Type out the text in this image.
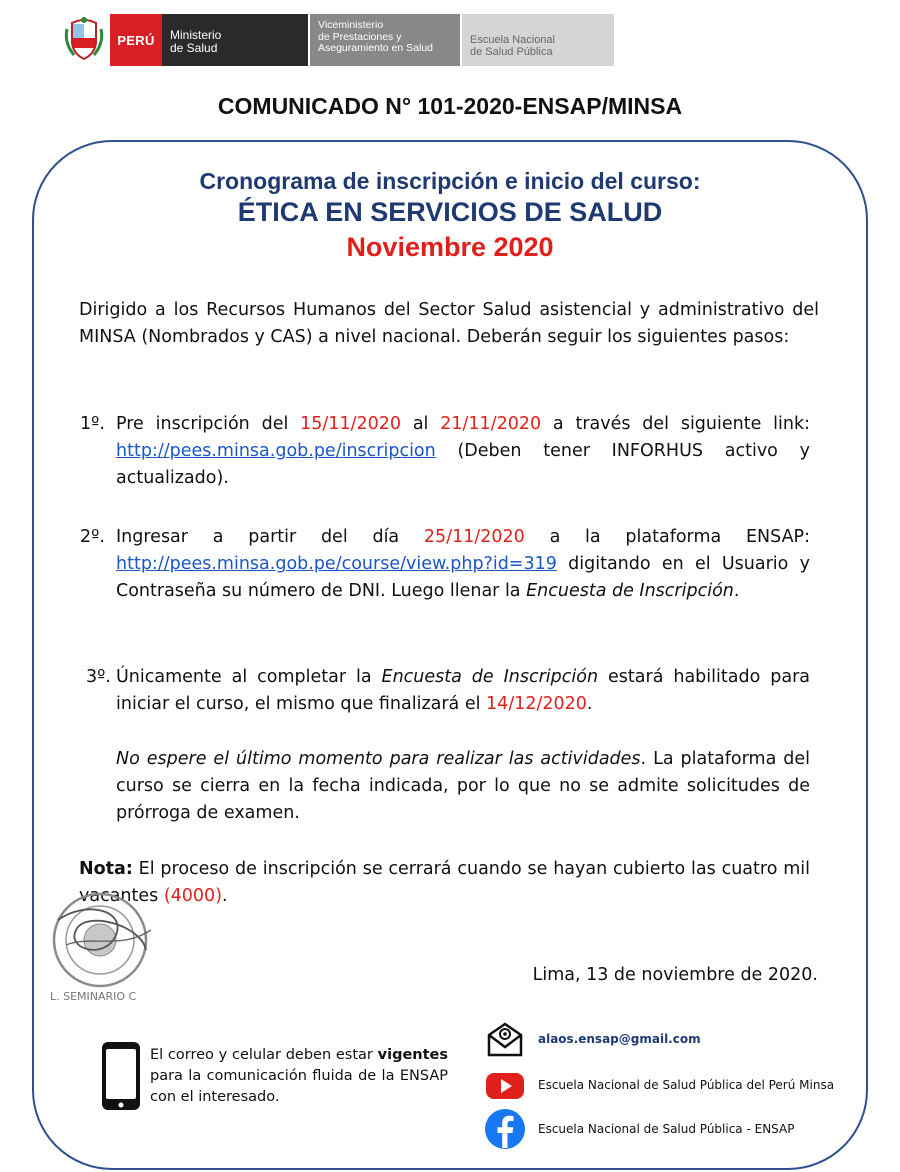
PERÚ	Ministerio
de Salud
Viceministerio
de Prestaciones y
Aseguramiento en Salud
Escuela Nacional
de Salud Pública
COMUNICADO N° 101-2020-ENSAP/MINSA
Cronograma de inscripción e inicio del curso:
ÉTICA EN SERVICIOS DE SALUD
Noviembre 2020

Dirigido a los Recursos Humanos del Sector Salud asistencial y administrativo del MINSA (Nombrados y CAS) a nivel nacional. Deberán seguir los siguientes pasos:

1º. Pre inscripción del 15/11/2020 al 21/11/2020 a través del siguiente link: http://pees.minsa.gob.pe/inscripcion (Deben tener INFORHUS activo y actualizado).

2º. Ingresar a partir del día 25/11/2020 a la plataforma ENSAP: http://pees.minsa.gob.pe/course/view.php?id=319 digitando en el Usuario y Contraseña su número de DNI. Luego llenar la Encuesta de Inscripción.

3º. Únicamente al completar la Encuesta de Inscripción estará habilitado para iniciar el curso, el mismo que finalizará el 14/12/2020.

No espere el último momento para realizar las actividades. La plataforma del curso se cierra en la fecha indicada, por lo que no se admite solicitudes de prórroga de examen.

Nota: El proceso de inscripción se cerrará cuando se hayan cubierto las cuatro mil vacantes (4000).

L. SEMINARIO C

Lima, 13 de noviembre de 2020.

El correo y celular deben estar vigentes para la comunicación fluida de la ENSAP con el interesado.

alaos.ensap@gmail.com
Escuela Nacional de Salud Pública del Perú Minsa
Escuela Nacional de Salud Pública - ENSAP
